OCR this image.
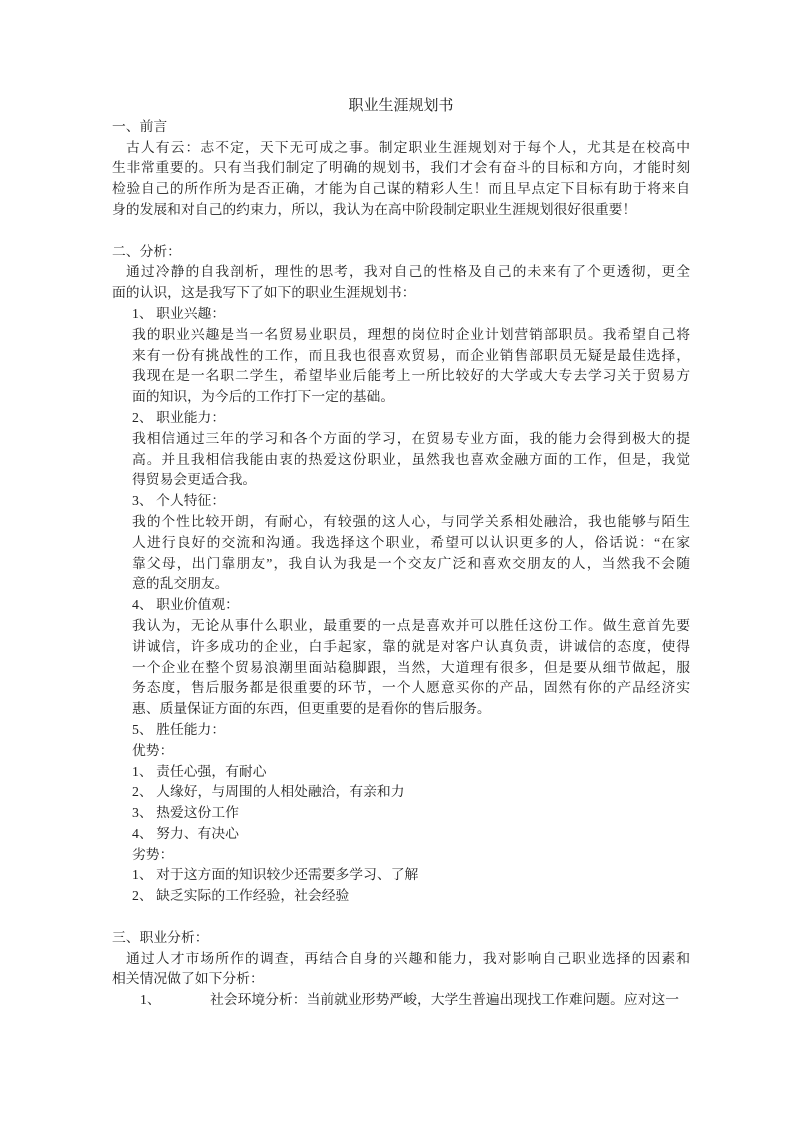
职业生涯规划书
一、前言
古人有云：志不定，天下无可成之事。制定职业生涯规划对于每个人，尤其是在校高中
生非常重要的。只有当我们制定了明确的规划书，我们才会有奋斗的目标和方向，才能时刻
检验自己的所作所为是否正确，才能为自己谋的精彩人生！而且早点定下目标有助于将来自
身的发展和对自己的约束力，所以，我认为在高中阶段制定职业生涯规划很好很重要！
二、分析：
通过冷静的自我剖析，理性的思考，我对自己的性格及自己的未来有了个更透彻，更全
面的认识，这是我写下了如下的职业生涯规划书：
1、 职业兴趣：
我的职业兴趣是当一名贸易业职员，理想的岗位时企业计划营销部职员。我希望自己将
来有一份有挑战性的工作，而且我也很喜欢贸易，而企业销售部职员无疑是最佳选择，
我现在是一名职二学生，希望毕业后能考上一所比较好的大学或大专去学习关于贸易方
面的知识，为今后的工作打下一定的基础。
2、 职业能力：
我相信通过三年的学习和各个方面的学习，在贸易专业方面，我的能力会得到极大的提
高。并且我相信我能由衷的热爱这份职业，虽然我也喜欢金融方面的工作，但是，我觉
得贸易会更适合我。
3、 个人特征：
我的个性比较开朗，有耐心，有较强的这人心，与同学关系相处融洽，我也能够与陌生
人进行良好的交流和沟通。我选择这个职业，希望可以认识更多的人，俗话说：“在家
靠父母，出门靠朋友”，我自认为我是一个交友广泛和喜欢交朋友的人，当然我不会随
意的乱交朋友。
4、 职业价值观：
我认为，无论从事什么职业，最重要的一点是喜欢并可以胜任这份工作。做生意首先要
讲诚信，许多成功的企业，白手起家，靠的就是对客户认真负责，讲诚信的态度，使得
一个企业在整个贸易浪潮里面站稳脚跟，当然，大道理有很多，但是要从细节做起，服
务态度，售后服务都是很重要的环节，一个人愿意买你的产品，固然有你的产品经济实
惠、质量保证方面的东西，但更重要的是看你的售后服务。
5、 胜任能力：
优势：
1、 责任心强，有耐心
2、 人缘好，与周围的人相处融洽，有亲和力
3、 热爱这份工作
4、 努力、有决心
劣势：
1、 对于这方面的知识较少还需要多学习、了解
2、 缺乏实际的工作经验，社会经验
三、职业分析：
通过人才市场所作的调查，再结合自身的兴趣和能力，我对影响自己职业选择的因素和
相关情况做了如下分析：
1、	社会环境分析：当前就业形势严峻，大学生普遍出现找工作难问题。应对这一
